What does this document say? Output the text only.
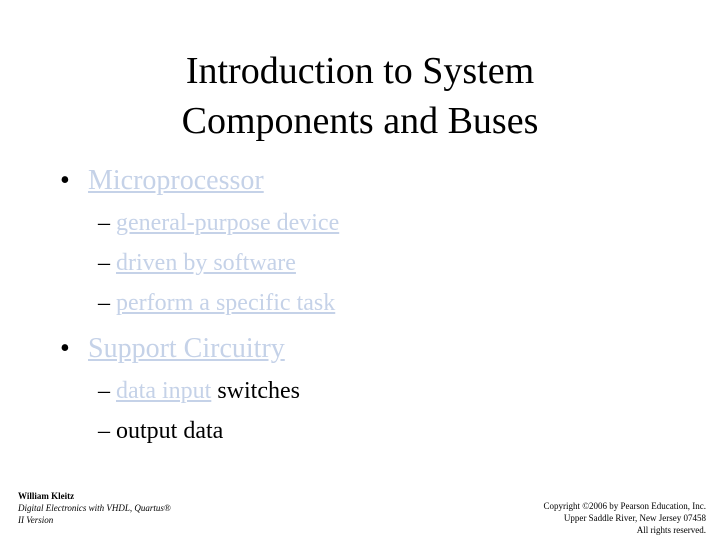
Introduction to System
Components and Buses
• Microprocessor
– general-purpose device
– driven by software
– perform a specific task
• Support Circuitry
– data input switches
– output data
William Kleitz
Digital Electronics with VHDL, Quartus®
II Version
Copyright ©2006 by Pearson Education, Inc.
Upper Saddle River, New Jersey 07458
All rights reserved.
